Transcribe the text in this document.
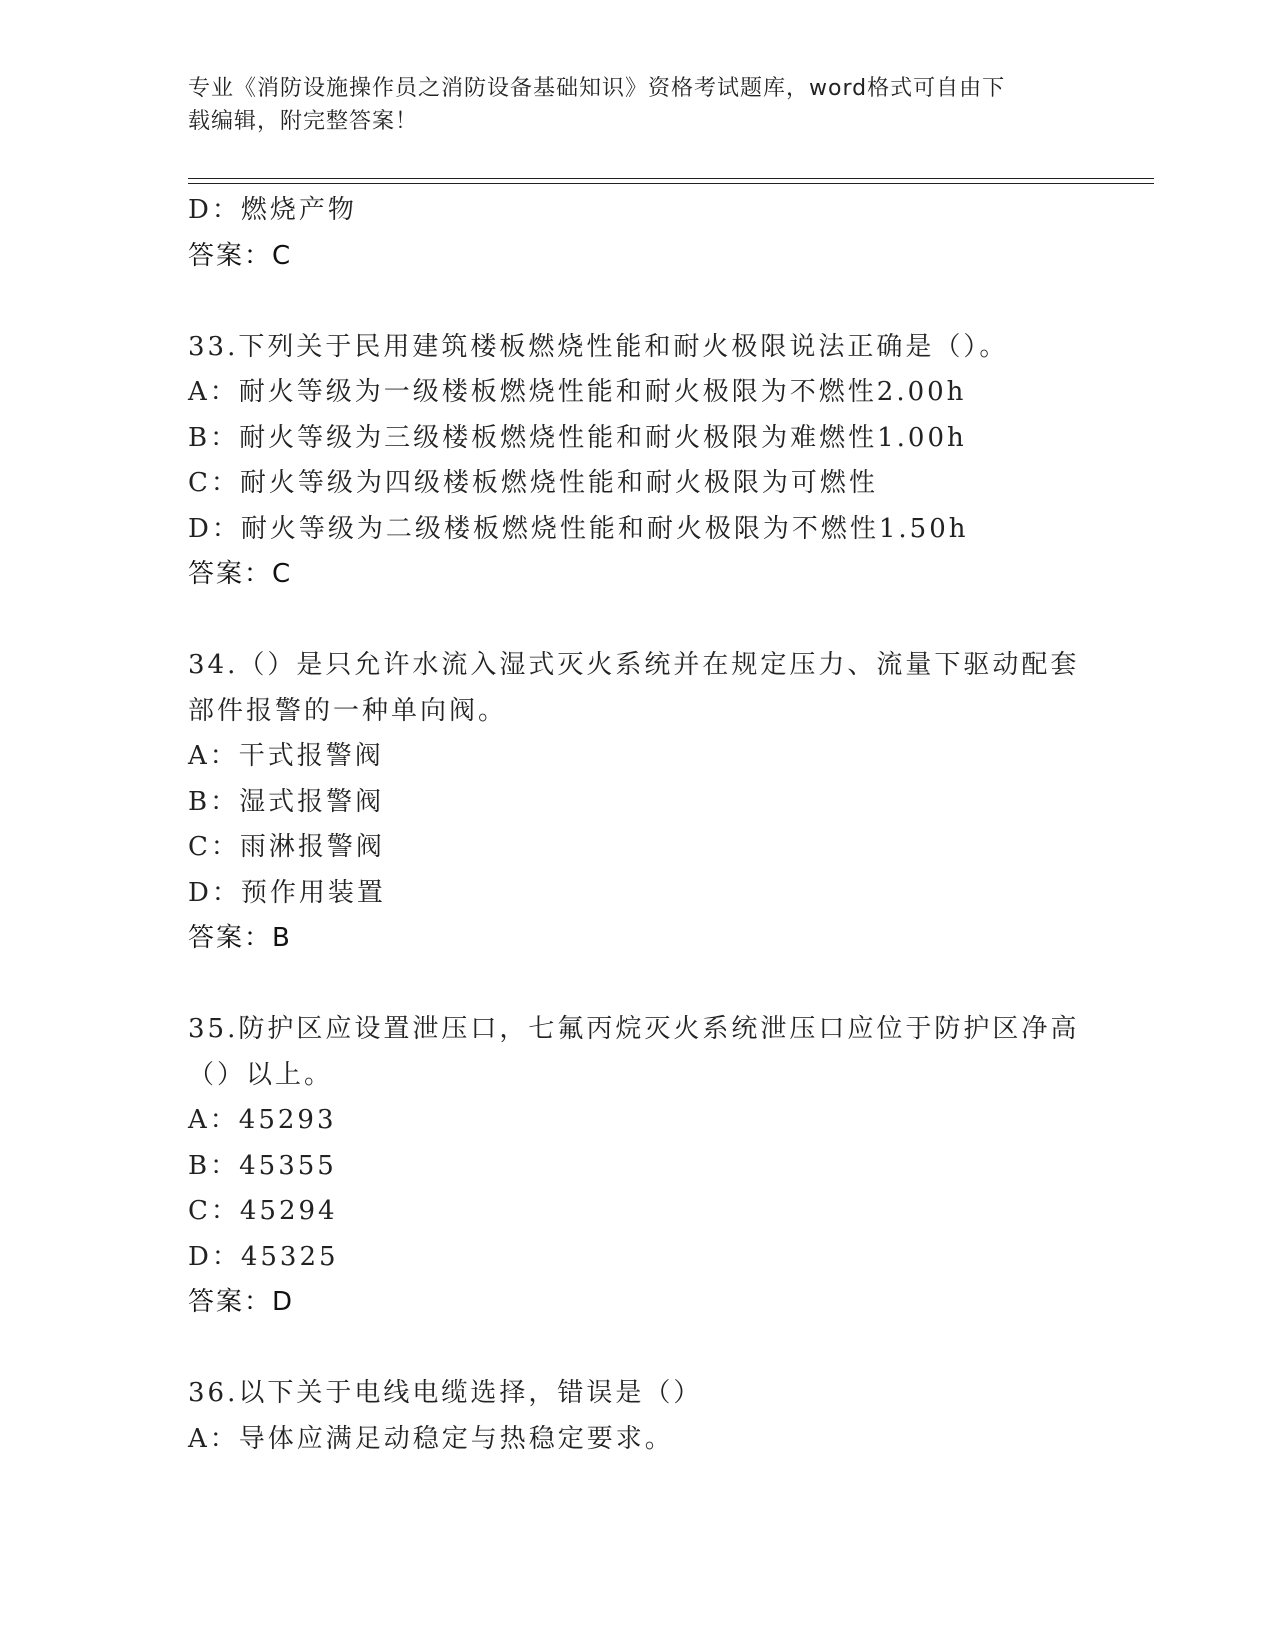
专业《消防设施操作员之消防设备基础知识》资格考试题库，word格式可自由下
载编辑，附完整答案！
D：燃烧产物
答案：C
33.下列关于民用建筑楼板燃烧性能和耐火极限说法正确是（）。
A：耐火等级为一级楼板燃烧性能和耐火极限为不燃性2.00h
B：耐火等级为三级楼板燃烧性能和耐火极限为难燃性1.00h
C：耐火等级为四级楼板燃烧性能和耐火极限为可燃性
D：耐火等级为二级楼板燃烧性能和耐火极限为不燃性1.50h
答案：C
34.（）是只允许水流入湿式灭火系统并在规定压力、流量下驱动配套
部件报警的一种单向阀。
A：干式报警阀
B：湿式报警阀
C：雨淋报警阀
D：预作用装置
答案：B
35.防护区应设置泄压口，七氟丙烷灭火系统泄压口应位于防护区净高
（）以上。
A：45293
B：45355
C：45294
D：45325
答案：D
36.以下关于电线电缆选择，错误是（）
A：导体应满足动稳定与热稳定要求。
